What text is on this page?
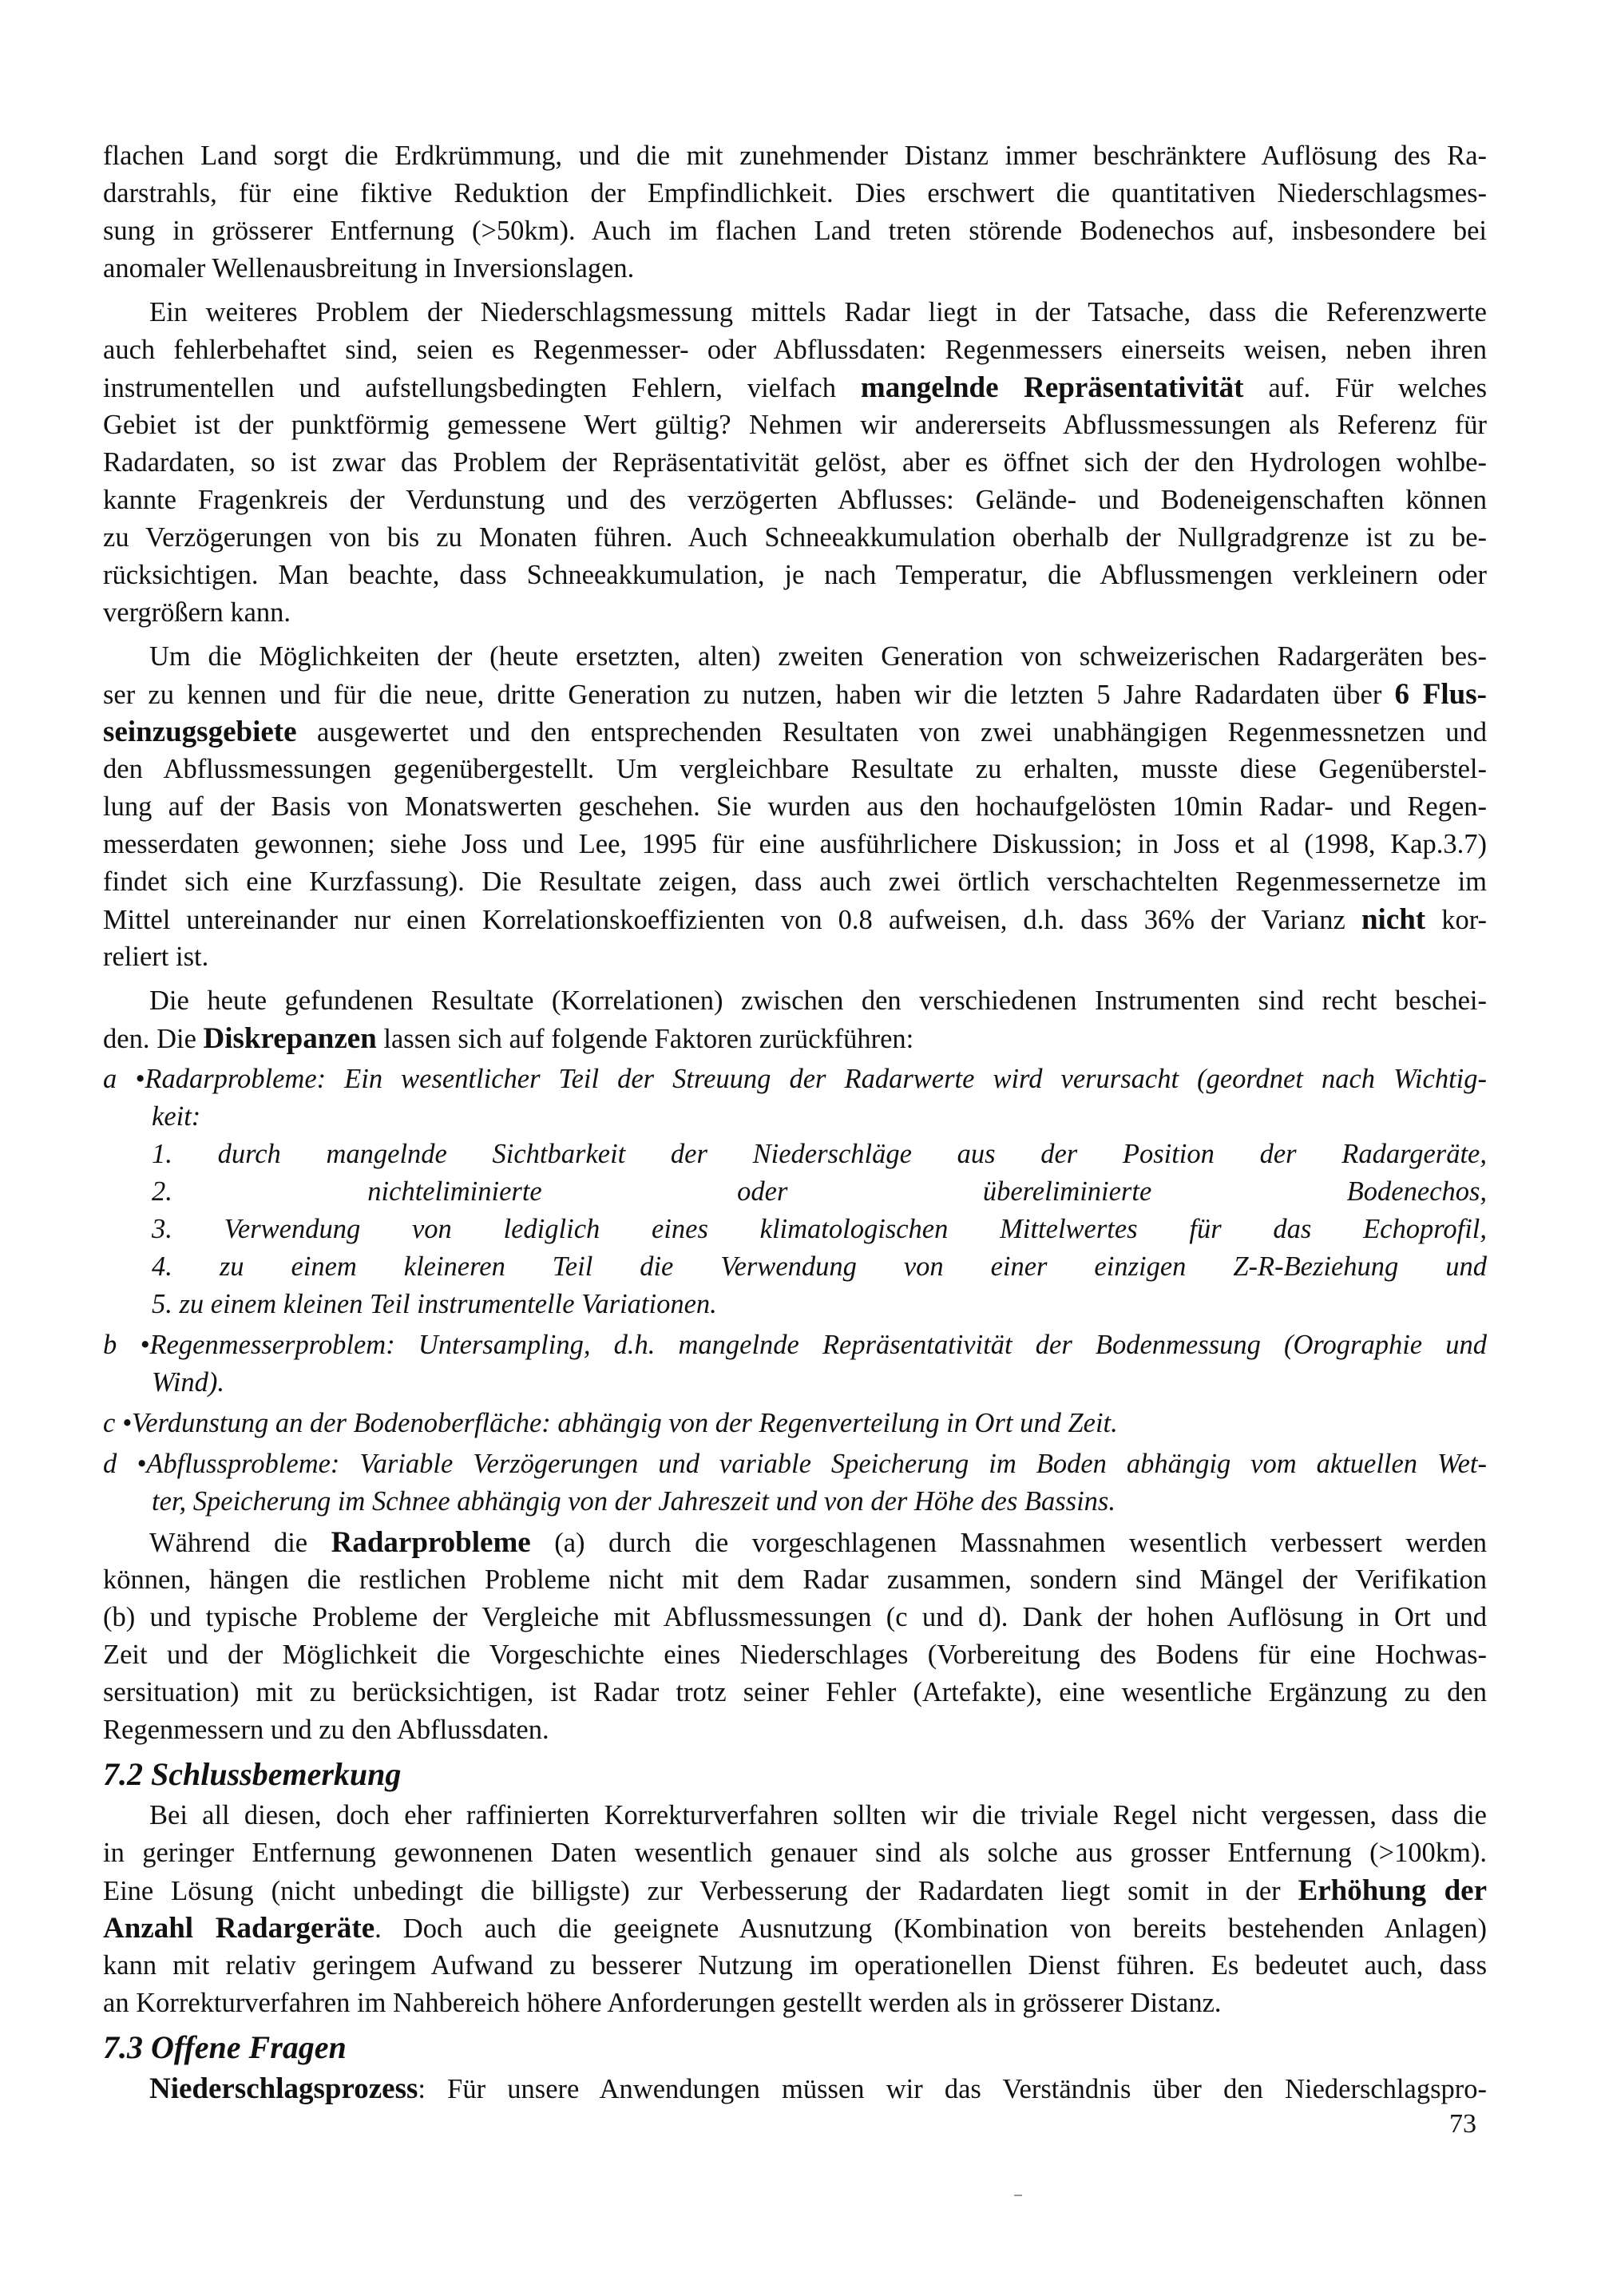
flachen Land sorgt die Erdkrümmung, und die mit zunehmender Distanz immer beschränktere Auflösung des Ra-
darstrahls, für eine fiktive Reduktion der Empfindlichkeit. Dies erschwert die quantitativen Niederschlagsmes-
sung in grösserer Entfernung (>50km). Auch im flachen Land treten störende Bodenechos auf, insbesondere bei
anomaler Wellenausbreitung in Inversionslagen.
Ein weiteres Problem der Niederschlagsmessung mittels Radar liegt in der Tatsache, dass die Referenzwerte
auch fehlerbehaftet sind, seien es Regenmesser- oder Abflussdaten: Regenmessers einerseits weisen, neben ihren
instrumentellen und aufstellungsbedingten Fehlern, vielfach mangelnde Repräsentativität auf. Für welches
Gebiet ist der punktförmig gemessene Wert gültig? Nehmen wir andererseits Abflussmessungen als Referenz für
Radardaten, so ist zwar das Problem der Repräsentativität gelöst, aber es öffnet sich der den Hydrologen wohlbe-
kannte Fragenkreis der Verdunstung und des verzögerten Abflusses: Gelände- und Bodeneigenschaften können
zu Verzögerungen von bis zu Monaten führen. Auch Schneeakkumulation oberhalb der Nullgradgrenze ist zu be-
rücksichtigen. Man beachte, dass Schneeakkumulation, je nach Temperatur, die Abflussmengen verkleinern oder
vergrößern kann.
Um die Möglichkeiten der (heute ersetzten, alten) zweiten Generation von schweizerischen Radargeräten bes-
ser zu kennen und für die neue, dritte Generation zu nutzen, haben wir die letzten 5 Jahre Radardaten über 6 Flus-
seinzugsgebiete ausgewertet und den entsprechenden Resultaten von zwei unabhängigen Regenmessnetzen und
den Abflussmessungen gegenübergestellt. Um vergleichbare Resultate zu erhalten, musste diese Gegenüberstel-
lung auf der Basis von Monatswerten geschehen. Sie wurden aus den hochaufgelösten 10min Radar- und Regen-
messerdaten gewonnen; siehe Joss und Lee, 1995 für eine ausführlichere Diskussion; in Joss et al (1998, Kap.3.7)
findet sich eine Kurzfassung). Die Resultate zeigen, dass auch zwei örtlich verschachtelten Regenmessernetze im
Mittel untereinander nur einen Korrelationskoeffizienten von 0.8 aufweisen, d.h. dass 36% der Varianz nicht kor-
reliert ist.
Die heute gefundenen Resultate (Korrelationen) zwischen den verschiedenen Instrumenten sind recht beschei-
den. Die Diskrepanzen lassen sich auf folgende Faktoren zurückführen:
a •Radarprobleme: Ein wesentlicher Teil der Streuung der Radarwerte wird verursacht (geordnet nach Wichtig-
keit:
1. durch mangelnde Sichtbarkeit der Niederschläge aus der Position der Radargeräte,
2. nichteliminierte oder übereliminierte Bodenechos,
3. Verwendung von lediglich eines klimatologischen Mittelwertes für das Echoprofil,
4. zu einem kleineren Teil die Verwendung von einer einzigen Z-R-Beziehung und
5. zu einem kleinen Teil instrumentelle Variationen.
b •Regenmesserproblem: Untersampling, d.h. mangelnde Repräsentativität der Bodenmessung (Orographie und
Wind).
c •Verdunstung an der Bodenoberfläche: abhängig von der Regenverteilung in Ort und Zeit.
d •Abflussprobleme: Variable Verzögerungen und variable Speicherung im Boden abhängig vom aktuellen Wet-
ter, Speicherung im Schnee abhängig von der Jahreszeit und von der Höhe des Bassins.
Während die Radarprobleme (a) durch die vorgeschlagenen Massnahmen wesentlich verbessert werden
können, hängen die restlichen Probleme nicht mit dem Radar zusammen, sondern sind Mängel der Verifikation
(b) und typische Probleme der Vergleiche mit Abflussmessungen (c und d). Dank der hohen Auflösung in Ort und
Zeit und der Möglichkeit die Vorgeschichte eines Niederschlages (Vorbereitung des Bodens für eine Hochwas-
sersituation) mit zu berücksichtigen, ist Radar trotz seiner Fehler (Artefakte), eine wesentliche Ergänzung zu den
Regenmessern und zu den Abflussdaten.
7.2 Schlussbemerkung
Bei all diesen, doch eher raffinierten Korrekturverfahren sollten wir die triviale Regel nicht vergessen, dass die
in geringer Entfernung gewonnenen Daten wesentlich genauer sind als solche aus grosser Entfernung (>100km).
Eine Lösung (nicht unbedingt die billigste) zur Verbesserung der Radardaten liegt somit in der Erhöhung der
Anzahl Radargeräte. Doch auch die geeignete Ausnutzung (Kombination von bereits bestehenden Anlagen)
kann mit relativ geringem Aufwand zu besserer Nutzung im operationellen Dienst führen. Es bedeutet auch, dass
an Korrekturverfahren im Nahbereich höhere Anforderungen gestellt werden als in grösserer Distanz.
7.3 Offene Fragen
Niederschlagsprozess: Für unsere Anwendungen müssen wir das Verständnis über den Niederschlagspro-
73
